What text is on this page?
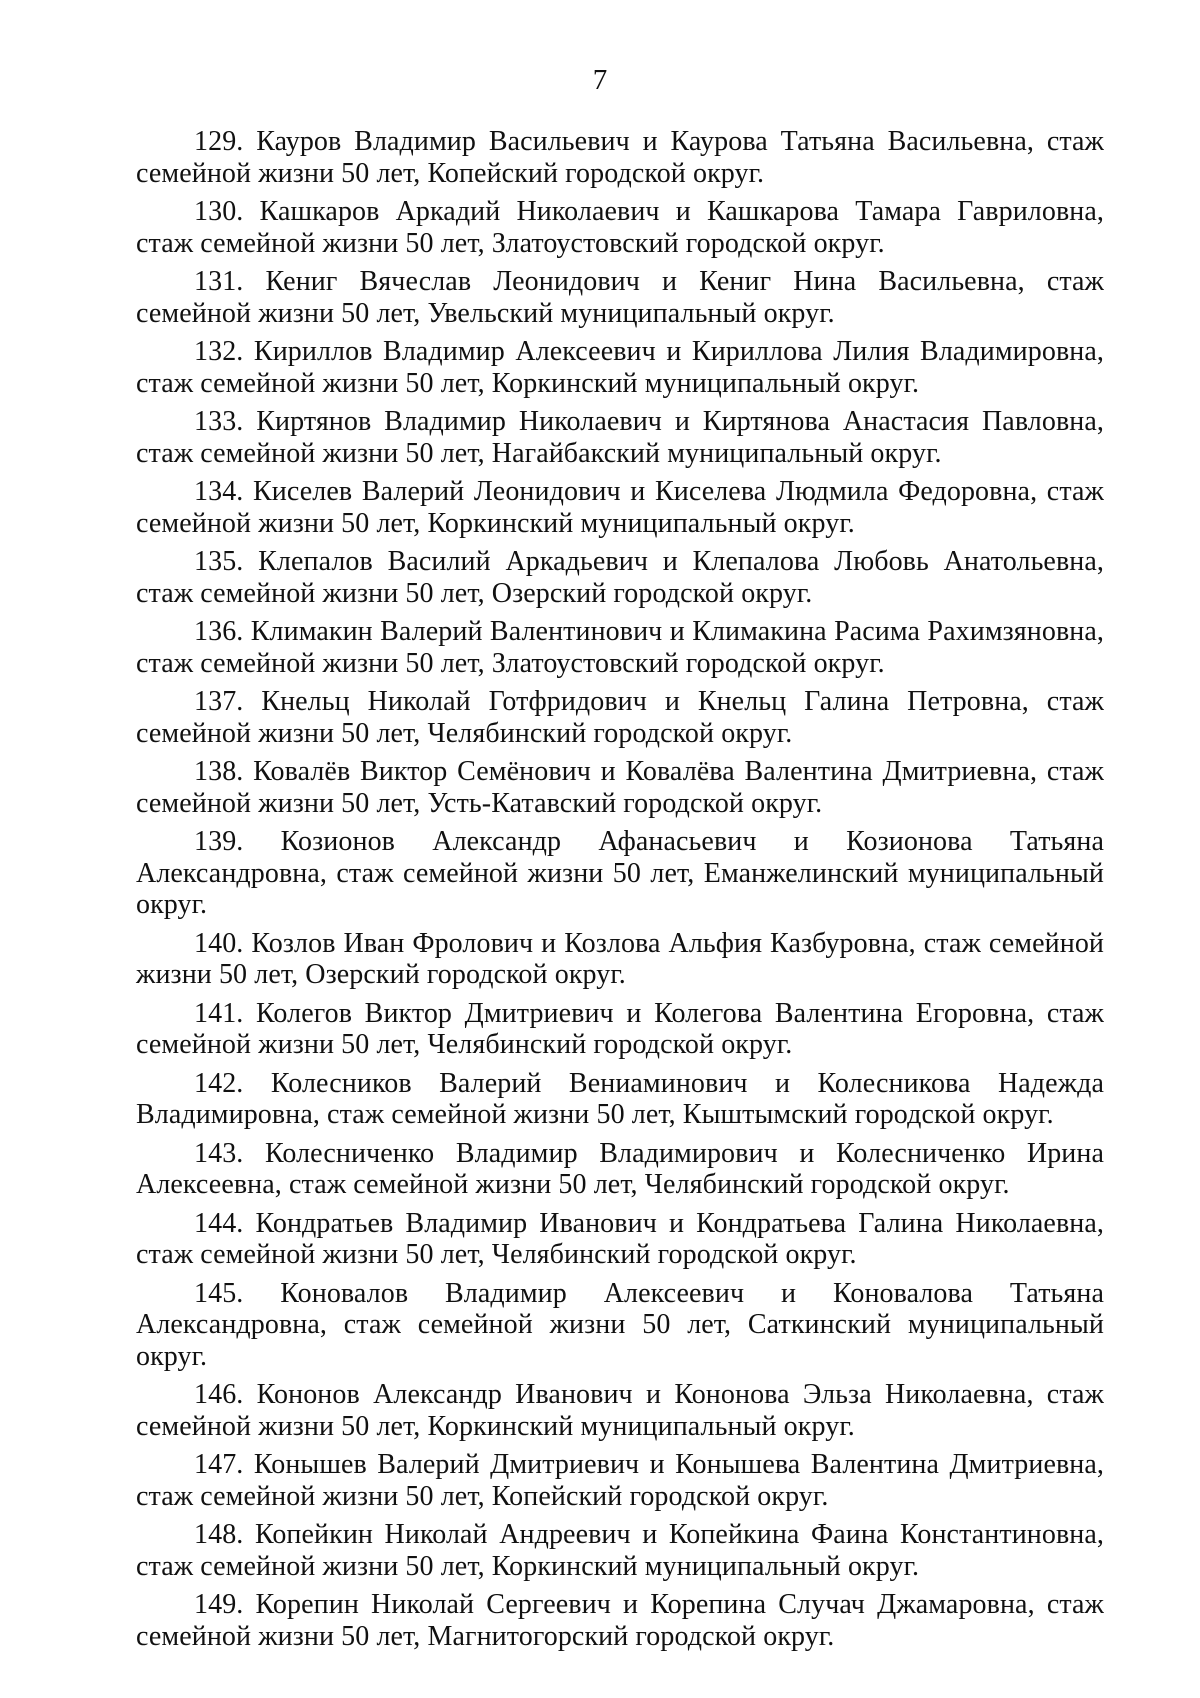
7

129. Кауров Владимир Васильевич и Каурова Татьяна Васильевна, стаж семейной жизни 50 лет, Копейский городской округ.

130. Кашкаров Аркадий Николаевич и Кашкарова Тамара Гавриловна, стаж семейной жизни 50 лет, Златоустовский городской округ.

131. Кениг Вячеслав Леонидович и Кениг Нина Васильевна, стаж семейной жизни 50 лет, Увельский муниципальный округ.

132. Кириллов Владимир Алексеевич и Кириллова Лилия Владимировна, стаж семейной жизни 50 лет, Коркинский муниципальный округ.

133. Киртянов Владимир Николаевич и Киртянова Анастасия Павловна, стаж семейной жизни 50 лет, Нагайбакский муниципальный округ.

134. Киселев Валерий Леонидович и Киселева Людмила Федоровна, стаж семейной жизни 50 лет, Коркинский муниципальный округ.

135. Клепалов Василий Аркадьевич и Клепалова Любовь Анатольевна, стаж семейной жизни 50 лет, Озерский городской округ.

136. Климакин Валерий Валентинович и Климакина Расима Рахимзяновна, стаж семейной жизни 50 лет, Златоустовский городской округ.

137. Кнельц Николай Готфридович и Кнельц Галина Петровна, стаж семейной жизни 50 лет, Челябинский городской округ.

138. Ковалёв Виктор Семёнович и Ковалёва Валентина Дмитриевна, стаж семейной жизни 50 лет, Усть-Катавский городской округ.

139. Козионов Александр Афанасьевич и Козионова Татьяна Александровна, стаж семейной жизни 50 лет, Еманжелинский муниципальный округ.

140. Козлов Иван Фролович и Козлова Альфия Казбуровна, стаж семейной жизни 50 лет, Озерский городской округ.

141. Колегов Виктор Дмитриевич и Колегова Валентина Егоровна, стаж семейной жизни 50 лет, Челябинский городской округ.

142. Колесников Валерий Вениаминович и Колесникова Надежда Владимировна, стаж семейной жизни 50 лет, Кыштымский городской округ.

143. Колесниченко Владимир Владимирович и Колесниченко Ирина Алексеевна, стаж семейной жизни 50 лет, Челябинский городской округ.

144. Кондратьев Владимир Иванович и Кондратьева Галина Николаевна, стаж семейной жизни 50 лет, Челябинский городской округ.

145. Коновалов Владимир Алексеевич и Коновалова Татьяна Александровна, стаж семейной жизни 50 лет, Саткинский муниципальный округ.

146. Кононов Александр Иванович и Кононова Эльза Николаевна, стаж семейной жизни 50 лет, Коркинский муниципальный округ.

147. Конышев Валерий Дмитриевич и Конышева Валентина Дмитриевна, стаж семейной жизни 50 лет, Копейский городской округ.

148. Копейкин Николай Андреевич и Копейкина Фаина Константиновна, стаж семейной жизни 50 лет, Коркинский муниципальный округ.

149. Корепин Николай Сергеевич и Корепина Случач Джамаровна, стаж семейной жизни 50 лет, Магнитогорский городской округ.
